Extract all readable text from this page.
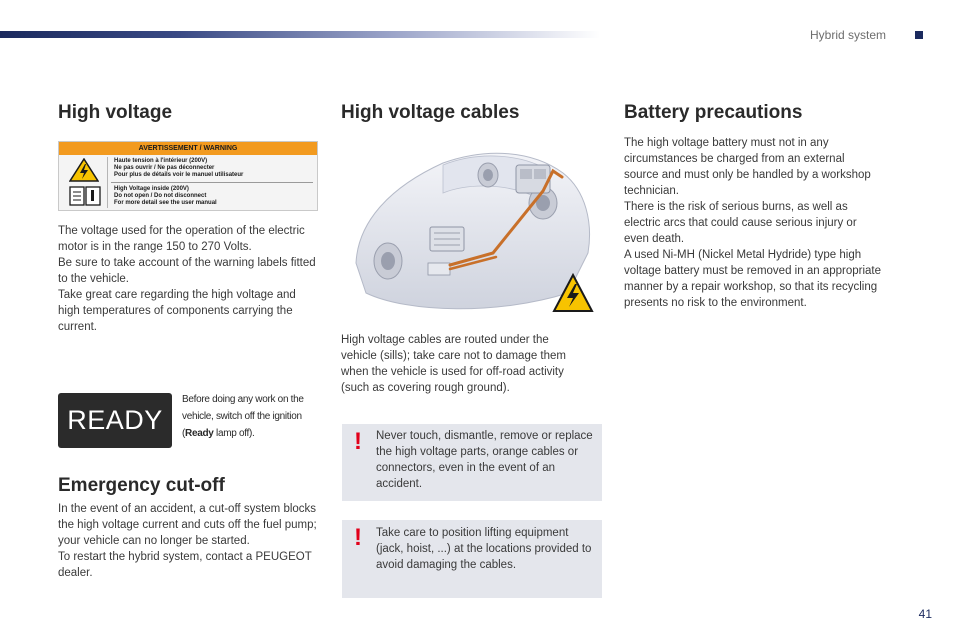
Hybrid system
High voltage
AVERTISSEMENT / WARNING
Haute tension à l'intérieur (200V)
Ne pas ouvrir / Ne pas déconnecter
Pour plus de détails voir le manuel utilisateur
High Voltage inside (200V)
Do not open / Do not disconnect
For more detail see the user manual

The voltage used for the operation of the electric motor is in the range 150 to 270 Volts.

Be sure to take account of the warning labels fitted to the vehicle.

Take great care regarding the high voltage and high temperatures of components carrying the current.

READY
Before doing any work on the vehicle, switch off the ignition (Ready lamp off).
Emergency cut-off

In the event of an accident, a cut-off system blocks the high voltage current and cuts off the fuel pump; your vehicle can no longer be started.

To restart the hybrid system, contact a PEUGEOT dealer.

High voltage cables
High voltage cables are routed under the vehicle (sills); take care not to damage them when the vehicle is used for off-road activity (such as covering rough ground).
! Never touch, dismantle, remove or replace the high voltage parts, orange cables or connectors, even in the event of an accident.
! Take care to position lifting equipment (jack, hoist, ...) at the locations provided to avoid damaging the cables.
Battery precautions

The high voltage battery must not in any circumstances be charged from an external source and must only be handled by a workshop technician.

There is the risk of serious burns, as well as electric arcs that could cause serious injury or even death.

A used Ni-MH (Nickel Metal Hydride) type high voltage battery must be removed in an appropriate manner by a repair workshop, so that its recycling presents no risk to the environment.

41
